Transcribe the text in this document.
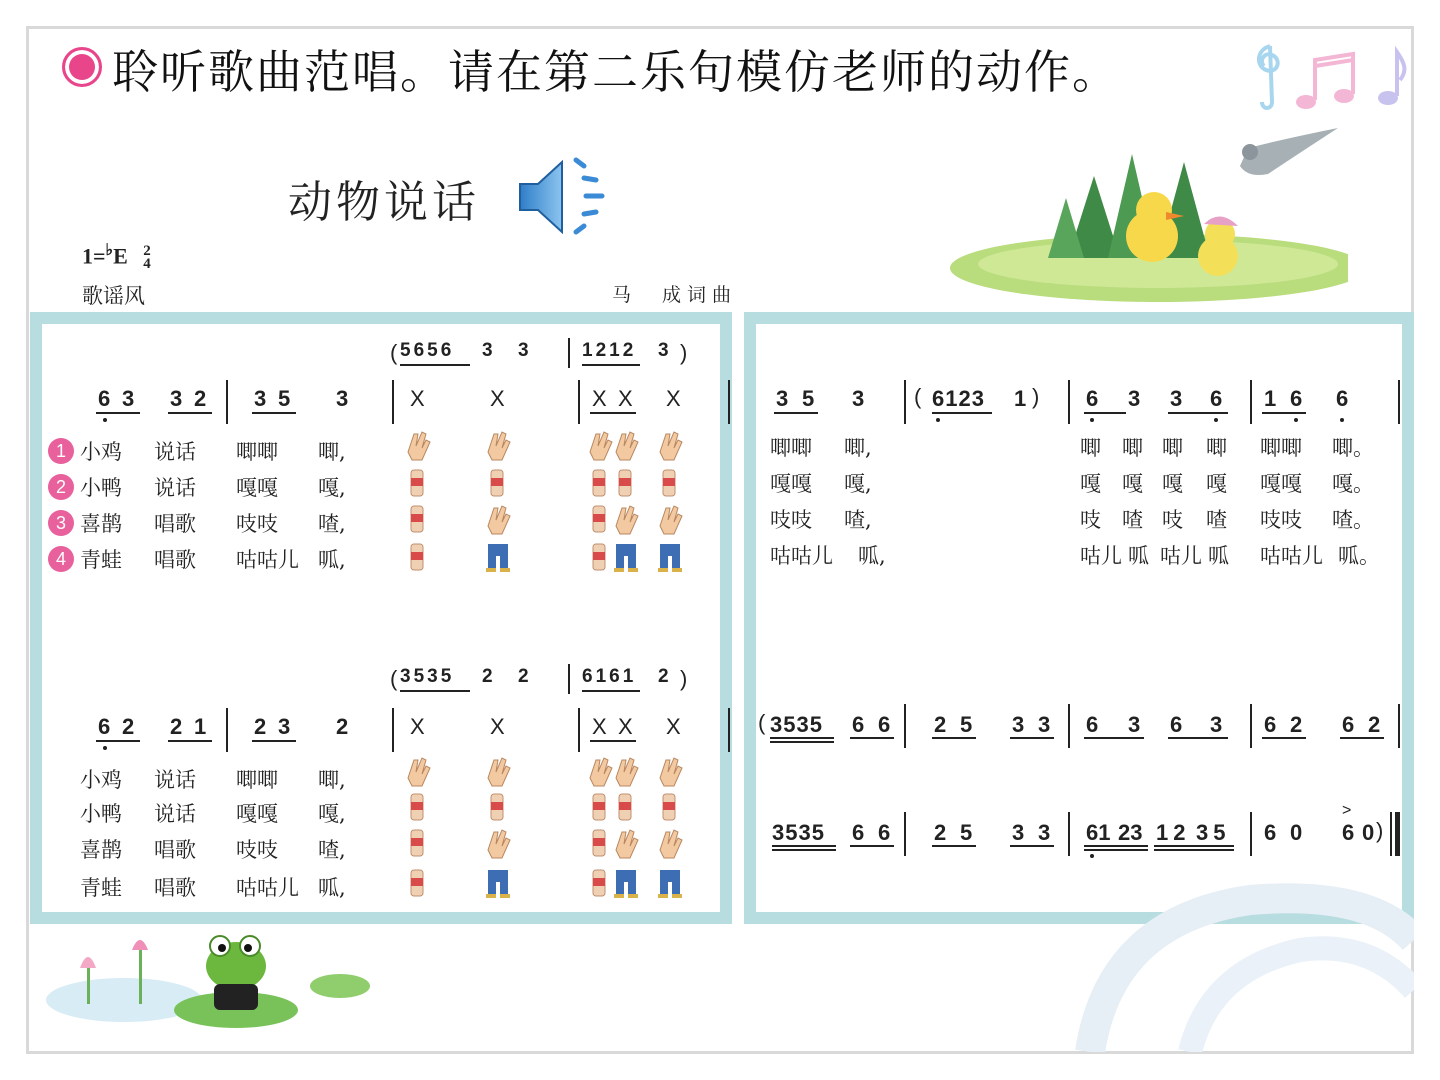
聆听歌曲范唱。请在第二乐句模仿老师的动作。
动物说话
1=♭E 2
4
歌谣风	马　成词曲
( 5656 3 3	1212 3 )
6 3 3 2 3 5 3	X	X	X X X
1
2
3
4
小鸡 说话 唧唧 唧,
小鸭 说话 嘎嘎 嘎,
喜鹊 唱歌 吱吱 喳,
青蛙 唱歌 咕咕儿 呱,
( 3535 2 2	6161 2 )
6 2 2 1 2 3 2	X	X	X X X
小鸡 说话 唧唧 唧,
小鸭 说话 嘎嘎 嘎,
喜鹊 唱歌 吱吱 喳,
青蛙 唱歌 咕咕儿 呱,
3 5 3 ( 6123 1 ) 6 3 3 6 1 6 6
唧唧 唧,	唧 唧 唧 唧 唧唧 唧。
嘎嘎 嘎,	嘎 嘎 嘎 嘎 嘎嘎 嘎。
吱吱 喳,	吱 喳 吱 喳 吱吱 喳。
咕咕儿 呱,	咕儿 呱 咕儿 呱 咕咕儿 呱。
( 3535 6 6 2 5 3 3 6 3 6 3 6 2 6 2
3535 6 6 2 5 3 3 61 23 12 35 6 0
>
6 0 )
